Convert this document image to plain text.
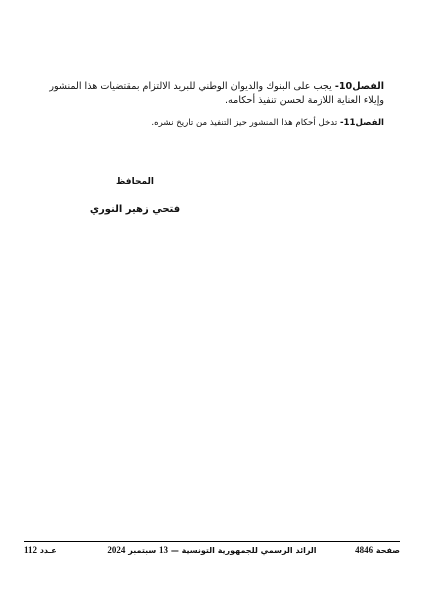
الفصل10- يجب على البنوك والديوان الوطني للبريد الالتزام بمقتضيات هذا المنشور وإيلاء العناية اللازمة لحسن تنفيذ أحكامه.

الفصل11- تدخل أحكام هذا المنشور حيز التنفيذ من تاريخ نشره.

المحافظ
فتحي زهير النوري
صفحة 4846
الرائد الرسمي للجمهورية التونسية — 13 سبتمبر 2024
عـدد 112
